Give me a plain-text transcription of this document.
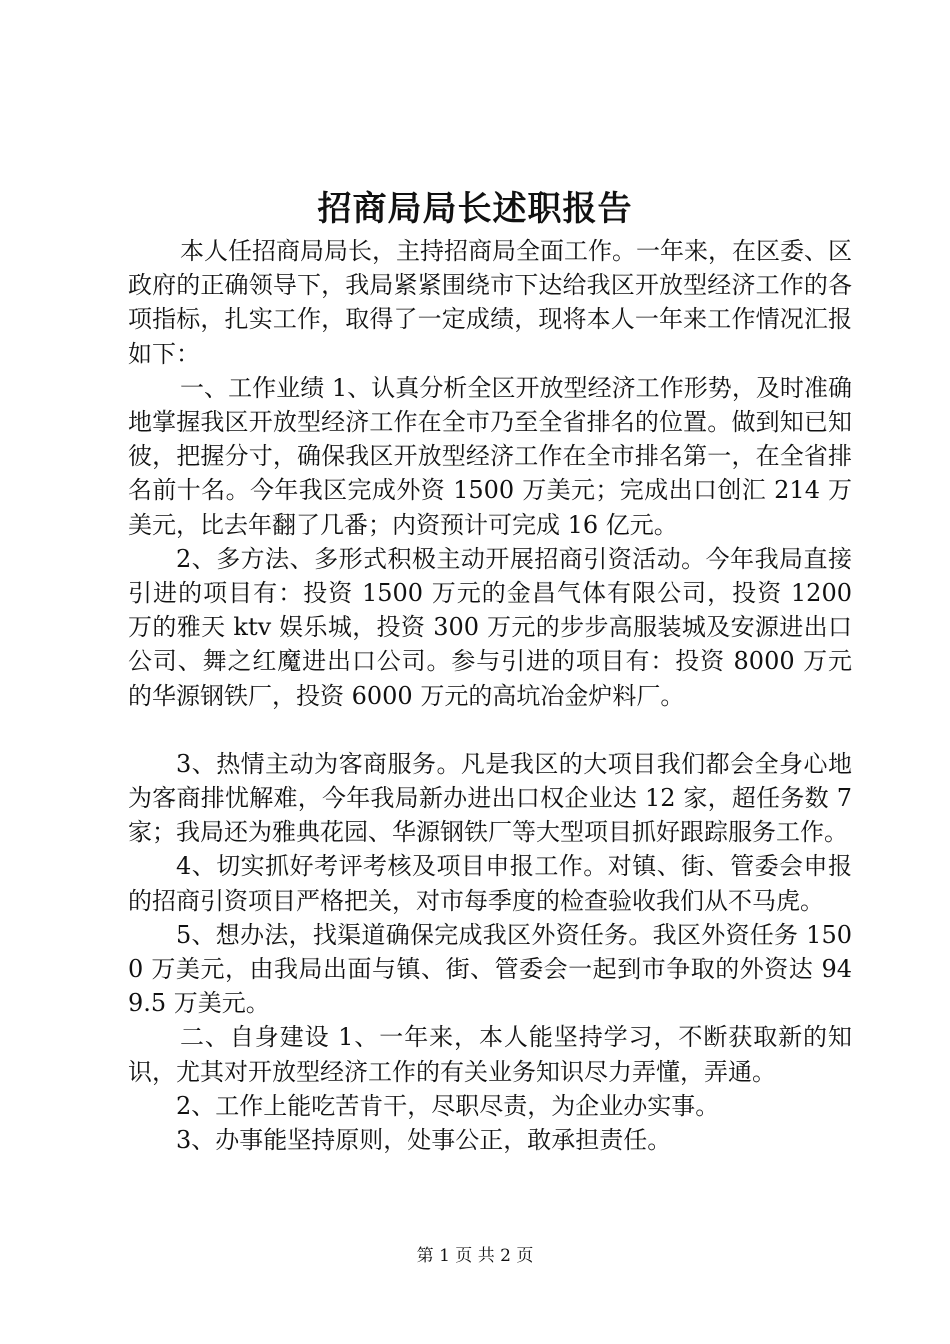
招商局局长述职报告

本人任招商局局长，主持招商局全面工作。一年来，在区委、区政府的正确领导下，我局紧紧围绕市下达给我区开放型经济工作的各项指标，扎实工作，取得了一定成绩，现将本人一年来工作情况汇报如下：

一、工作业绩 1、认真分析全区开放型经济工作形势，及时准确地掌握我区开放型经济工作在全市乃至全省排名的位置。做到知已知彼，把握分寸，确保我区开放型经济工作在全市排名第一，在全省排名前十名。今年我区完成外资 1500 万美元；完成出口创汇 214 万美元，比去年翻了几番；内资预计可完成 16 亿元。

2、多方法、多形式积极主动开展招商引资活动。今年我局直接引进的项目有：投资 1500 万元的金昌气体有限公司，投资 1200 万的雅天 ktv 娱乐城，投资 300 万元的步步高服装城及安源进出口公司、舞之红魔进出口公司。参与引进的项目有：投资 8000 万元的华源钢铁厂，投资 6000 万元的高坑冶金炉料厂。

3、热情主动为客商服务。凡是我区的大项目我们都会全身心地为客商排忧解难，今年我局新办进出口权企业达 12 家，超任务数 7 家；我局还为雅典花园、华源钢铁厂等大型项目抓好跟踪服务工作。

4、切实抓好考评考核及项目申报工作。对镇、街、管委会申报的招商引资项目严格把关，对市每季度的检查验收我们从不马虎。

5、想办法，找渠道确保完成我区外资任务。我区外资任务 1500 万美元，由我局出面与镇、街、管委会一起到市争取的外资达 949.5 万美元。

二、自身建设 1、一年来，本人能坚持学习，不断获取新的知识，尤其对开放型经济工作的有关业务知识尽力弄懂，弄通。

2、工作上能吃苦肯干，尽职尽责，为企业办实事。

3、办事能坚持原则，处事公正，敢承担责任。

第 1 页 共 2 页
